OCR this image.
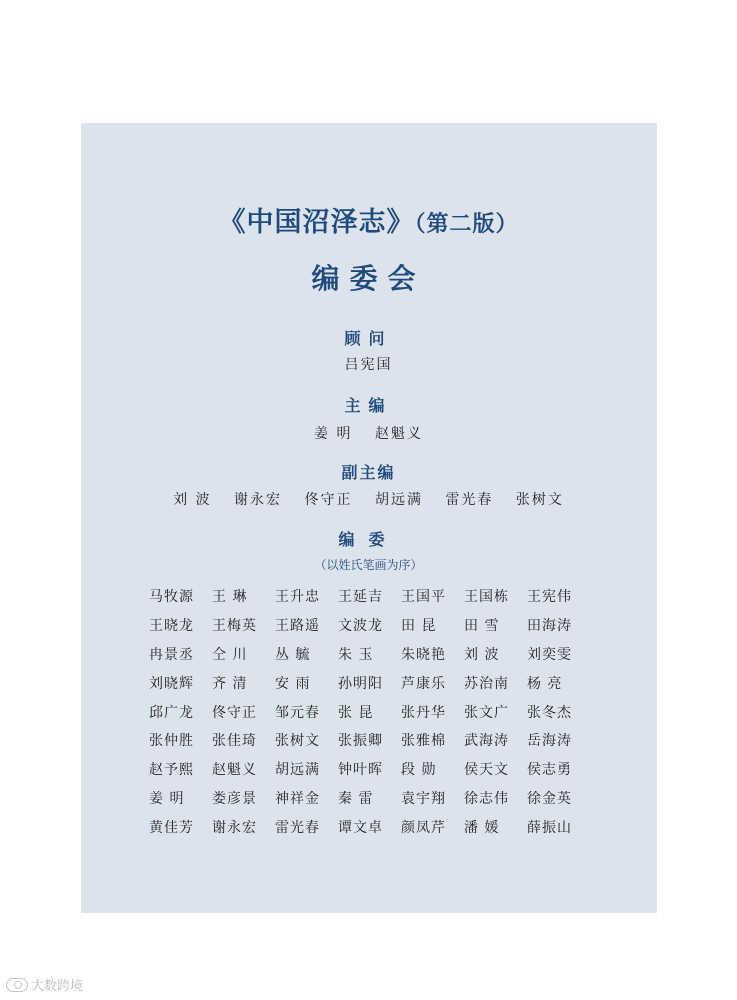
《中国沼泽志》（第二版）
编委会
顾问
吕宪国
主编
姜 明 赵魁义
副主编
刘 波 谢永宏 佟守正 胡远满 雷光春 张树文
编委
（以姓氏笔画为序）
马牧源	王 琳	王升忠	王延吉	王国平	王国栋	王宪伟
王晓龙	王梅英	王路遥	文波龙	田 昆	田 雪	田海涛
冉景丞	仝 川	丛 毓	朱 玉	朱晓艳	刘 波	刘奕雯
刘晓辉	齐 清	安 雨	孙明阳	芦康乐	苏治南	杨 亮
邱广龙	佟守正	邹元春	张 昆	张丹华	张文广	张冬杰
张仲胜	张佳琦	张树文	张振卿	张雅棉	武海涛	岳海涛
赵予熙	赵魁义	胡远满	钟叶晖	段 勋	侯天文	侯志勇
姜 明	娄彦景	神祥金	秦 雷	袁宇翔	徐志伟	徐金英
黄佳芳	谢永宏	雷光春	谭文卓	颜凤芹	潘 媛	薛振山
大数跨境
